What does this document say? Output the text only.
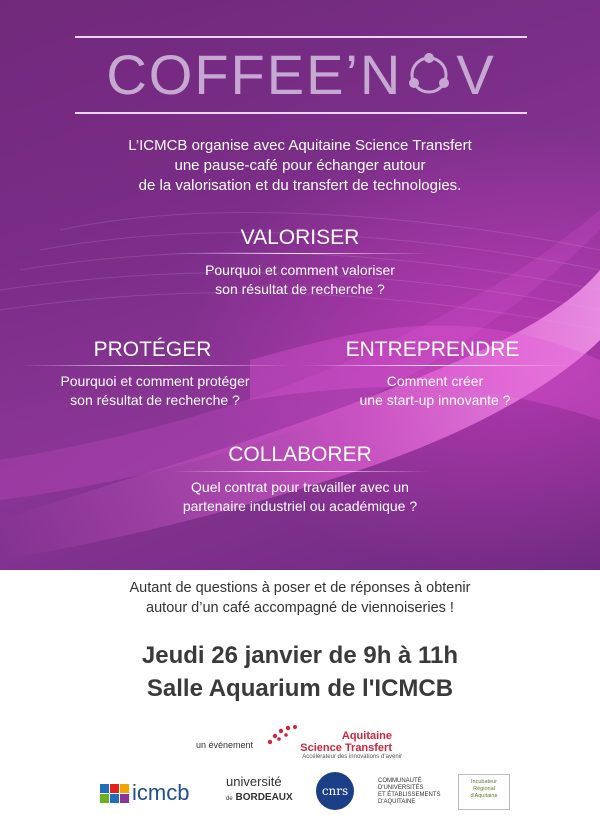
COFFEE’N V
L’ICMCB organise avec Aquitaine Science Transfert
une pause-café pour échanger autour
de la valorisation et du transfert de technologies.
VALORISER
Pourquoi et comment valoriser
son résultat de recherche ?
PROTÉGER
Pourquoi et comment protéger
son résultat de recherche ?
ENTREPRENDRE
Comment créer
une start-up innovante ?
COLLABORER
Quel contrat pour travailler avec un
partenaire industriel ou académique ?
Autant de questions à poser et de réponses à obtenir
autour d’un café accompagné de viennoiseries !
Jeudi 26 janvier de 9h à 11h
Salle Aquarium de l'ICMCB
un événement
Aquitaine
Science Transfert
Accélérateur des innovations d’avenir
icmcb	université
de BORDEAUX	cnrs
COMMUNAUTÉ
D'UNIVERSITÉS
ET ÉTABLISSEMENTS
D'AQUITAINE
Incubateur
Régional
d'Aquitaine
